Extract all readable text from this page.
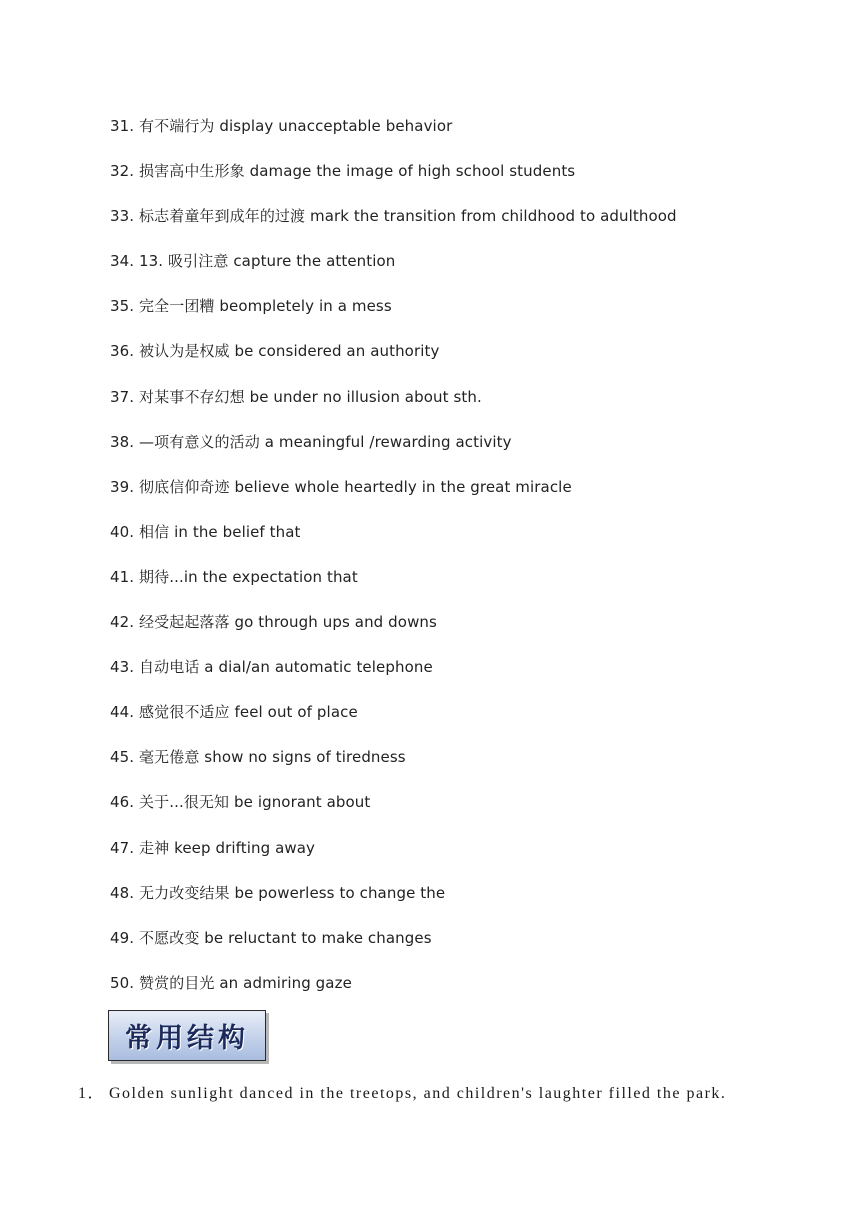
31. 有不端行为 display unacceptable behavior
32. 损害高中生形象 damage the image of high school students
33. 标志着童年到成年的过渡 mark the transition from childhood to adulthood
34. 13. 吸引注意 capture the attention
35. 完全一团糟 beompletely in a mess
36. 被认为是权威 be considered an authority
37. 对某事不存幻想 be under no illusion about sth.
38. —项有意义的活动 a meaningful /rewarding activity
39. 彻底信仰奇迹 believe whole heartedly in the great miracle
40. 相信 in the belief that
41. 期待...in the expectation that
42. 经受起起落落 go through ups and downs
43. 自动电话 a dial/an automatic telephone
44. 感觉很不适应 feel out of place
45. 毫无倦意 show no signs of tiredness
46. 关于...很无知 be ignorant about
47. 走神 keep drifting away
48. 无力改变结果 be powerless to change the
49. 不愿改变 be reluctant to make changes
50. 赞赏的目光 an admiring gaze
常用结构
1． Golden sunlight danced in the treetops, and children's laughter filled the park.
